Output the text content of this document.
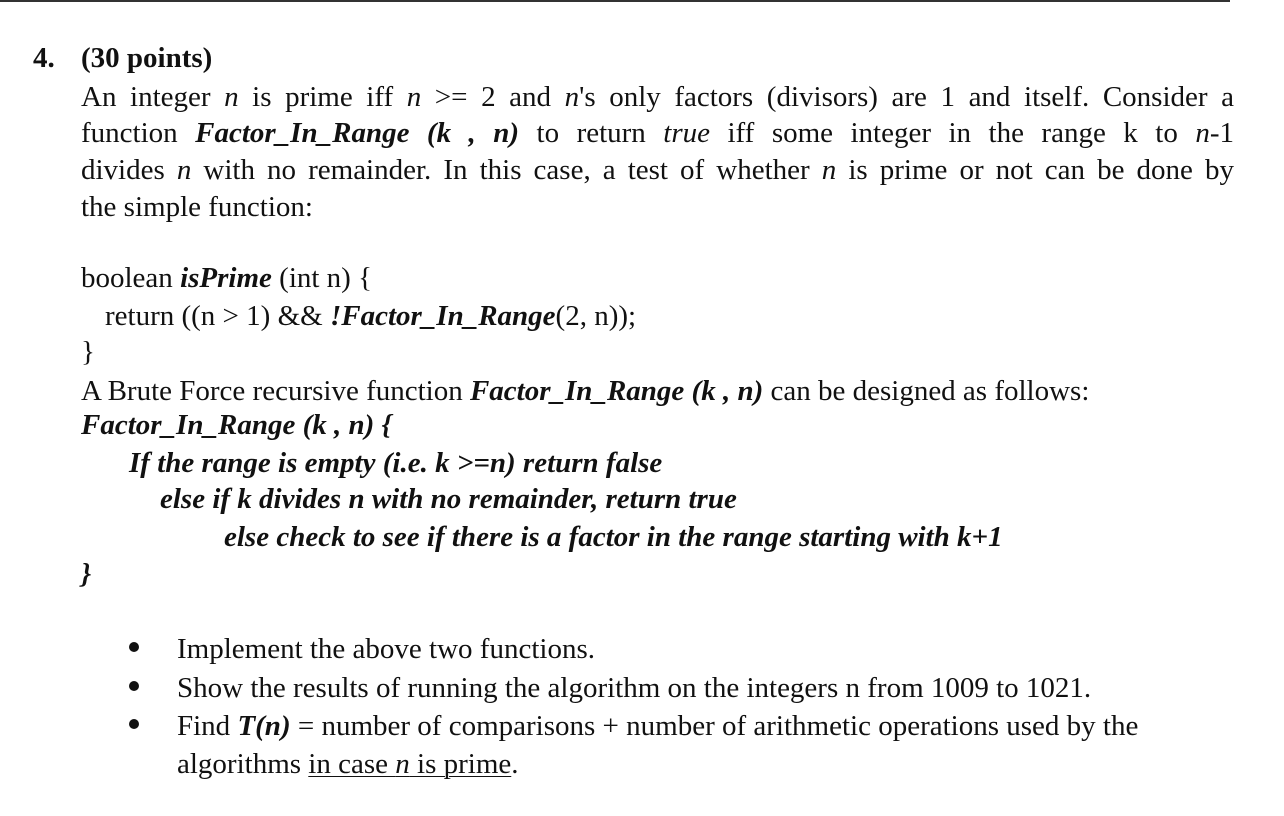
4. (30 points)
An integer n is prime iff n >= 2 and n's only factors (divisors) are 1 and itself. Consider a
function Factor_In_Range (k , n) to return true iff some integer in the range k to n-1
divides n with no remainder. In this case, a test of whether n is prime or not can be done by
the simple function:
boolean isPrime (int n) {
return ((n > 1) && !Factor_In_Range(2, n));
}
A Brute Force recursive function Factor_In_Range (k , n) can be designed as follows:
Factor_In_Range (k , n) {
If the range is empty (i.e. k >=n) return false
else if k divides n with no remainder, return true
else check to see if there is a factor in the range starting with k+1
}
Implement the above two functions.
Show the results of running the algorithm on the integers n from 1009 to 1021.
Find T(n) = number of comparisons + number of arithmetic operations used by the
algorithms in case n is prime.
